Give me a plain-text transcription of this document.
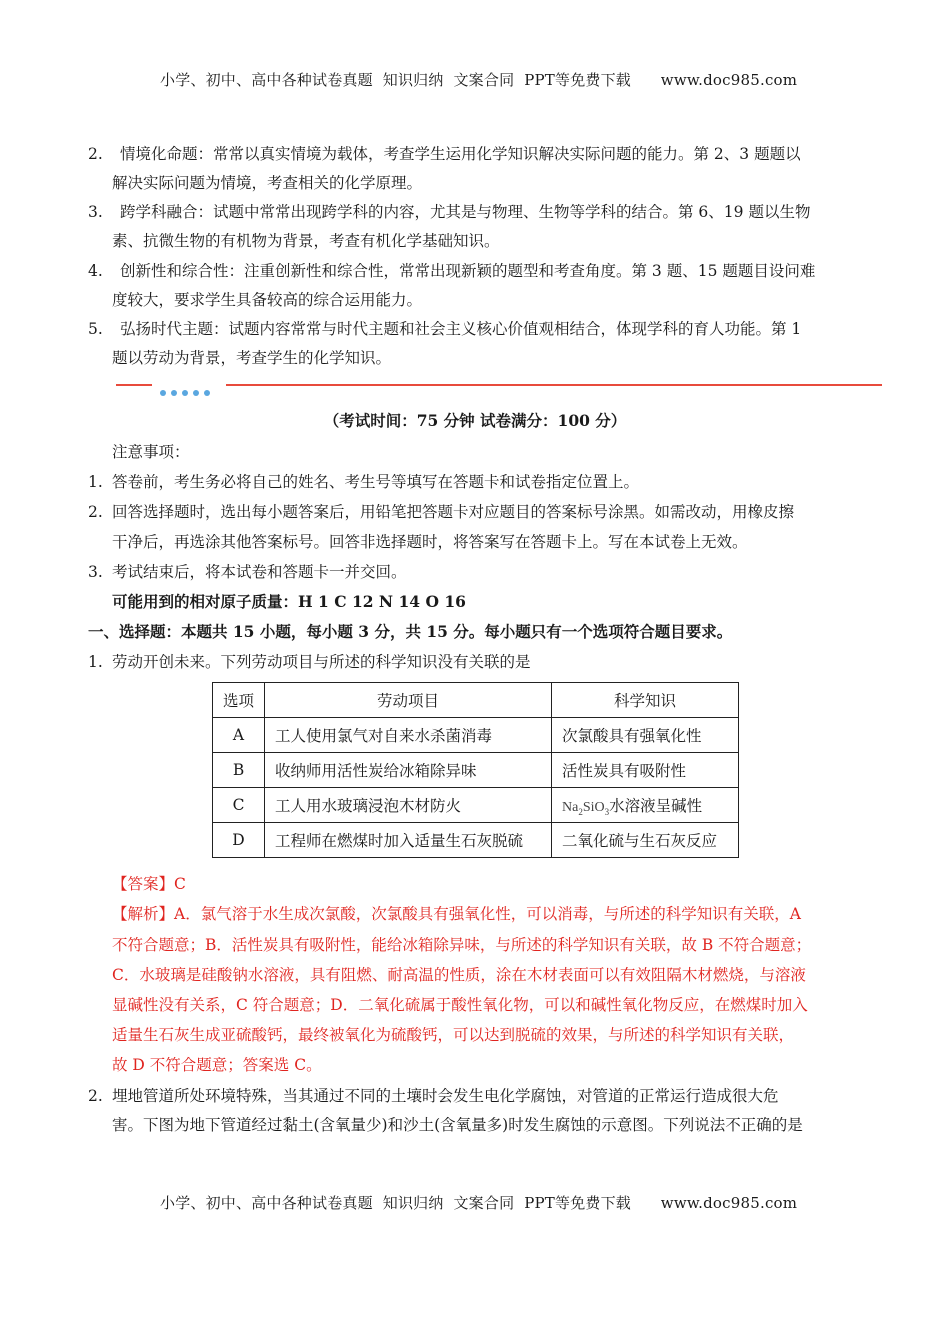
小学、初中、高中各种试卷真题  知识归纳  文案合同  PPT等免费下载      www.doc985.com
2. 情境化命题：常常以真实情境为载体，考查学生运用化学知识解决实际问题的能力。第 2、3 题题以
解决实际问题为情境，考查相关的化学原理。
3. 跨学科融合：试题中常常出现跨学科的内容，尤其是与物理、生物等学科的结合。第 6、19 题以生物
素、抗微生物的有机物为背景，考查有机化学基础知识。
4. 创新性和综合性：注重创新性和综合性，常常出现新颖的题型和考查角度。第 3 题、15 题题目设问难
度较大，要求学生具备较高的综合运用能力。
5. 弘扬时代主题：试题内容常常与时代主题和社会主义核心价值观相结合，体现学科的育人功能。第 1
题以劳动为背景，考查学生的化学知识。
（考试时间：75 分钟 试卷满分：100 分）
注意事项：
1. 答卷前，考生务必将自己的姓名、考生号等填写在答题卡和试卷指定位置上。
2. 回答选择题时，选出每小题答案后，用铅笔把答题卡对应题目的答案标号涂黑。如需改动，用橡皮擦
干净后，再选涂其他答案标号。回答非选择题时，将答案写在答题卡上。写在本试卷上无效。
3. 考试结束后，将本试卷和答题卡一并交回。
可能用到的相对原子质量：H 1 C 12 N 14 O 16
一、选择题：本题共 15 小题，每小题 3 分，共 15 分。每小题只有一个选项符合题目要求。
1. 劳动开创未来。下列劳动项目与所述的科学知识没有关联的是
选项	劳动项目	科学知识
A	工人使用氯气对自来水杀菌消毒	次氯酸具有强氧化性
B	收纳师用活性炭给冰箱除异味	活性炭具有吸附性
C	工人用水玻璃浸泡木材防火	$Na_2SiO_3$水溶液呈碱性
D	工程师在燃煤时加入适量生石灰脱硫	二氧化硫与生石灰反应
【答案】C
【解析】A．氯气溶于水生成次氯酸，次氯酸具有强氧化性，可以消毒，与所述的科学知识有关联，A
不符合题意；B．活性炭具有吸附性，能给冰箱除异味，与所述的科学知识有关联，故 B 不符合题意；
C．水玻璃是硅酸钠水溶液，具有阻燃、耐高温的性质，涂在木材表面可以有效阻隔木材燃烧，与溶液
显碱性没有关系，C 符合题意；D．二氧化硫属于酸性氧化物，可以和碱性氧化物反应，在燃煤时加入
适量生石灰生成亚硫酸钙，最终被氧化为硫酸钙，可以达到脱硫的效果，与所述的科学知识有关联，
故 D 不符合题意；答案选 C。
2. 埋地管道所处环境特殊，当其通过不同的土壤时会发生电化学腐蚀，对管道的正常运行造成很大危
害。下图为地下管道经过黏土(含氧量少)和沙土(含氧量多)时发生腐蚀的示意图。下列说法不正确的是
小学、初中、高中各种试卷真题  知识归纳  文案合同  PPT等免费下载      www.doc985.com
